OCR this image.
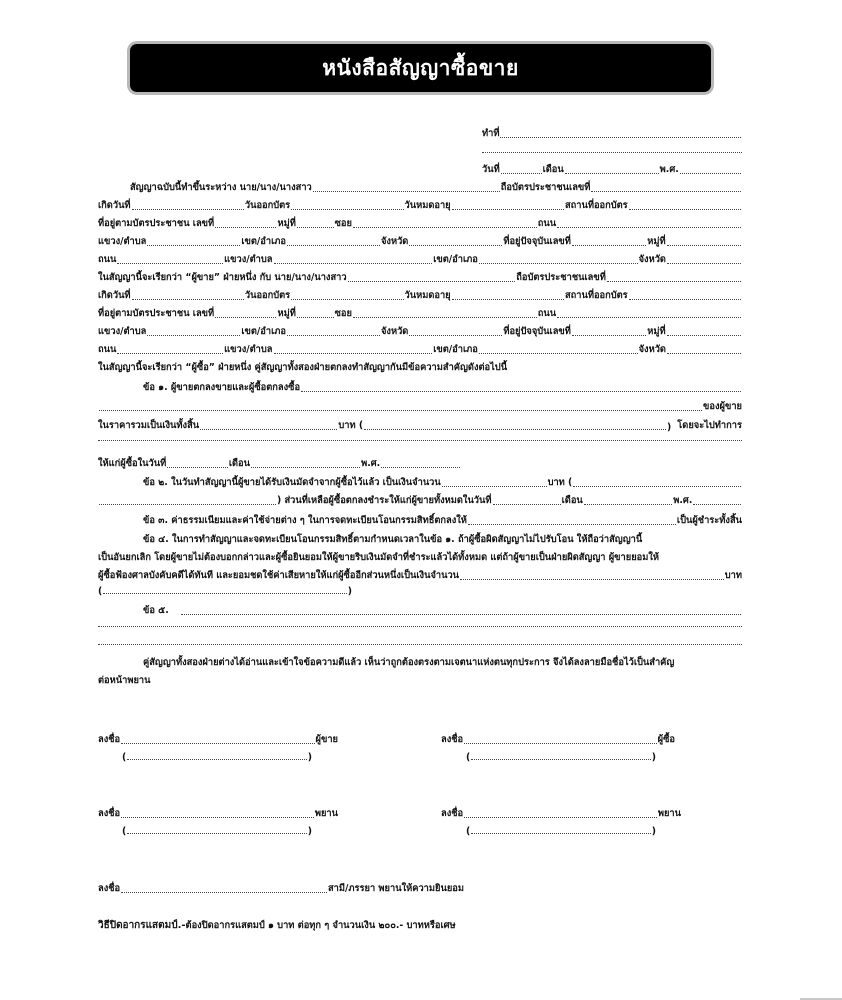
หนังสือสัญญาซื้อขาย
ทำที่
วันที่	เดือน	พ.ศ.
สัญญาฉบับนี้ทำขึ้นระหว่าง นาย/นาง/นางสาว	ถือบัตรประชาชนเลขที่
เกิดวันที่	วันออกบัตร	วันหมดอายุ	สถานที่ออกบัตร
ที่อยู่ตามบัตรประชาชน เลขที่	หมู่ที่	ซอย	ถนน
แขวง/ตำบล	เขต/อำเภอ	จังหวัด	ที่อยู่ปัจจุบันเลขที่	หมู่ที่
ถนน	แขวง/ตำบล	เขต/อำเภอ	จังหวัด
ในสัญญานี้จะเรียกว่า “ผู้ขาย” ฝ่ายหนึ่ง กับ นาย/นาง/นางสาว	ถือบัตรประชาชนเลขที่
เกิดวันที่	วันออกบัตร	วันหมดอายุ	สถานที่ออกบัตร
ที่อยู่ตามบัตรประชาชน เลขที่	หมู่ที่	ซอย	ถนน
แขวง/ตำบล	เขต/อำเภอ	จังหวัด	ที่อยู่ปัจจุบันเลขที่	หมู่ที่
ถนน	แขวง/ตำบล	เขต/อำเภอ	จังหวัด
ในสัญญานี้จะเรียกว่า “ผู้ซื้อ” ฝ่ายหนึ่ง คู่สัญญาทั้งสองฝ่ายตกลงทำสัญญากันมีข้อความสำคัญดังต่อไปนี้
ข้อ ๑. ผู้ขายตกลงขายและผู้ซื้อตกลงซื้อ
ของผู้ขาย
ในราคารวมเป็นเงินทั้งสิ้น	บาท (	) โดยจะไปทำการ
ให้แก่ผู้ซื้อในวันที่	เดือน	พ.ศ.
ข้อ ๒. ในวันทำสัญญานี้ผู้ขายได้รับเงินมัดจำจากผู้ซื้อไว้แล้ว เป็นเงินจำนวน	บาท (
) ส่วนที่เหลือผู้ซื้อตกลงชำระให้แก่ผู้ขายทั้งหมดในวันที่	เดือน	พ.ศ.
ข้อ ๓. ค่าธรรมเนียมและค่าใช้จ่ายต่าง ๆ ในการจดทะเบียนโอนกรรมสิทธิ์ตกลงให้	เป็นผู้ชำระทั้งสิ้น
ข้อ ๔. ในการทำสัญญาและจดทะเบียนโอนกรรมสิทธิ์ตามกำหนดเวลาในข้อ ๑. ถ้าผู้ซื้อผิดสัญญาไม่ไปรับโอน ให้ถือว่าสัญญานี้
เป็นอันยกเลิก โดยผู้ขายไม่ต้องบอกกล่าวและผู้ซื้อยินยอมให้ผู้ขายริบเงินมัดจำที่ชำระแล้วได้ทั้งหมด แต่ถ้าผู้ขายเป็นฝ่ายผิดสัญญา ผู้ขายยอมให้
ผู้ซื้อฟ้องศาลบังคับคดีได้ทันที และยอมชดใช้ค่าเสียหายให้แก่ผู้ซื้ออีกส่วนหนึ่งเป็นเงินจำนวน	บาท
(	)
ข้อ ๕.
คู่สัญญาทั้งสองฝ่ายต่างได้อ่านและเข้าใจข้อความดีแล้ว เห็นว่าถูกต้องตรงตามเจตนาแห่งตนทุกประการ จึงได้ลงลายมือชื่อไว้เป็นสำคัญ
ต่อหน้าพยาน
ลงชื่อ	ผู้ขาย
(	)
ลงชื่อ	ผู้ซื้อ
(	)
ลงชื่อ	พยาน
(	)
ลงชื่อ	พยาน
(	)
ลงชื่อ	สามี/ภรรยา พยานให้ความยินยอม
วิธีปิดอากรแสตมป์.- ต้องปิดอากรแสตมป์ ๑ บาท ต่อทุก ๆ จำนวนเงิน ๒๐๐.- บาทหรือเศษ
